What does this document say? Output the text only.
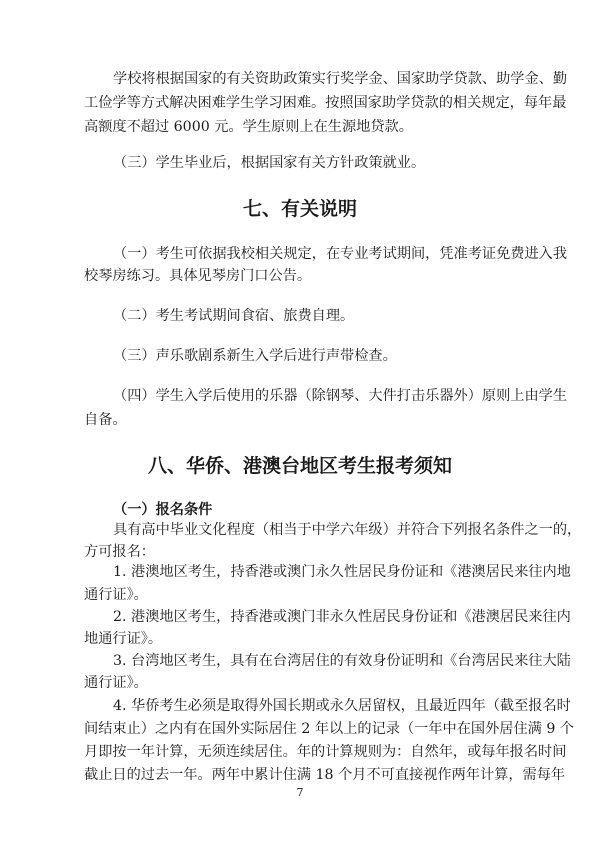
学校将根据国家的有关资助政策实行奖学金、国家助学贷款、助学金、勤
工俭学等方式解决困难学生学习困难。按照国家助学贷款的相关规定，每年最
高额度不超过 6000 元。学生原则上在生源地贷款。
（三）学生毕业后，根据国家有关方针政策就业。
七、有关说明
（一）考生可依据我校相关规定，在专业考试期间，凭准考证免费进入我
校琴房练习。具体见琴房门口公告。
（二）考生考试期间食宿、旅费自理。
（三）声乐歌剧系新生入学后进行声带检查。
（四）学生入学后使用的乐器（除钢琴、大件打击乐器外）原则上由学生
自备。
八、华侨、港澳台地区考生报考须知
（一）报名条件
具有高中毕业文化程度（相当于中学六年级）并符合下列报名条件之一的，
方可报名：
1. 港澳地区考生，持香港或澳门永久性居民身份证和《港澳居民来往内地
通行证》。
2. 港澳地区考生，持香港或澳门非永久性居民身份证和《港澳居民来往内
地通行证》。
3. 台湾地区考生，具有在台湾居住的有效身份证明和《台湾居民来往大陆
通行证》。
4. 华侨考生必须是取得外国长期或永久居留权，且最近四年（截至报名时
间结束止）之内有在国外实际居住 2 年以上的记录（一年中在国外居住满 9 个
月即按一年计算，无须连续居住。年的计算规则为：自然年，或每年报名时间
截止日的过去一年。两年中累计住满 18 个月不可直接视作两年计算，需每年
7
